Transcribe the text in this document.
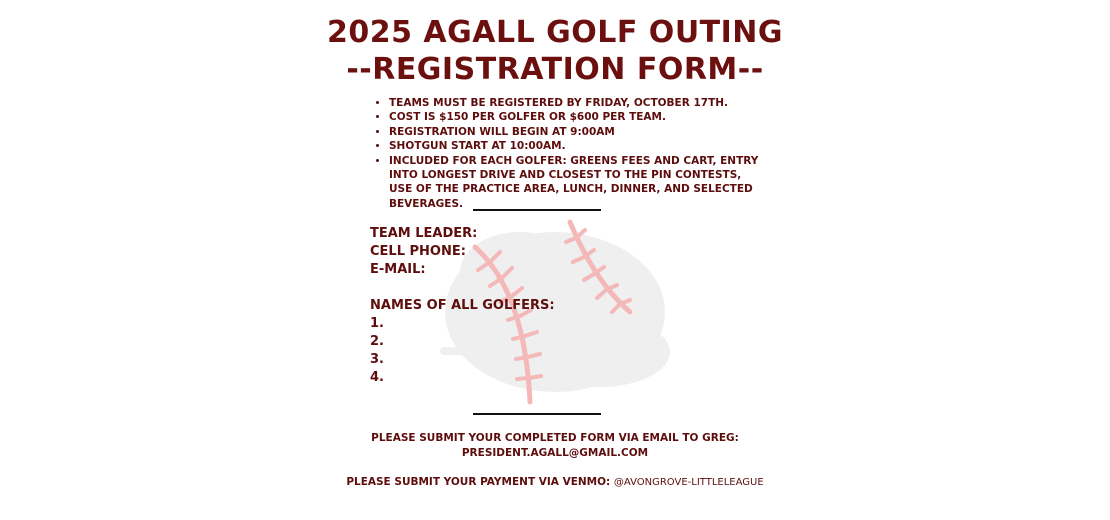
2025 AGALL GOLF OUTING
--REGISTRATION FORM--
• TEAMS MUST BE REGISTERED BY FRIDAY, OCTOBER 17TH.
• COST IS $150 PER GOLFER OR $600 PER TEAM.
• REGISTRATION WILL BEGIN AT 9:00AM
• SHOTGUN START AT 10:00AM.
• INCLUDED FOR EACH GOLFER: GREENS FEES AND CART, ENTRY INTO LONGEST DRIVE AND CLOSEST TO THE PIN CONTESTS, USE OF THE PRACTICE AREA, LUNCH, DINNER, AND SELECTED BEVERAGES.

TEAM LEADER:

CELL PHONE:

E-MAIL:

NAMES OF ALL GOLFERS:

1.

2.

3.

4.

PLEASE SUBMIT YOUR COMPLETED FORM VIA EMAIL TO GREG:

PRESIDENT.AGALL@GMAIL.COM

PLEASE SUBMIT YOUR PAYMENT VIA VENMO: @AVONGROVE-LITTLELEAGUE
